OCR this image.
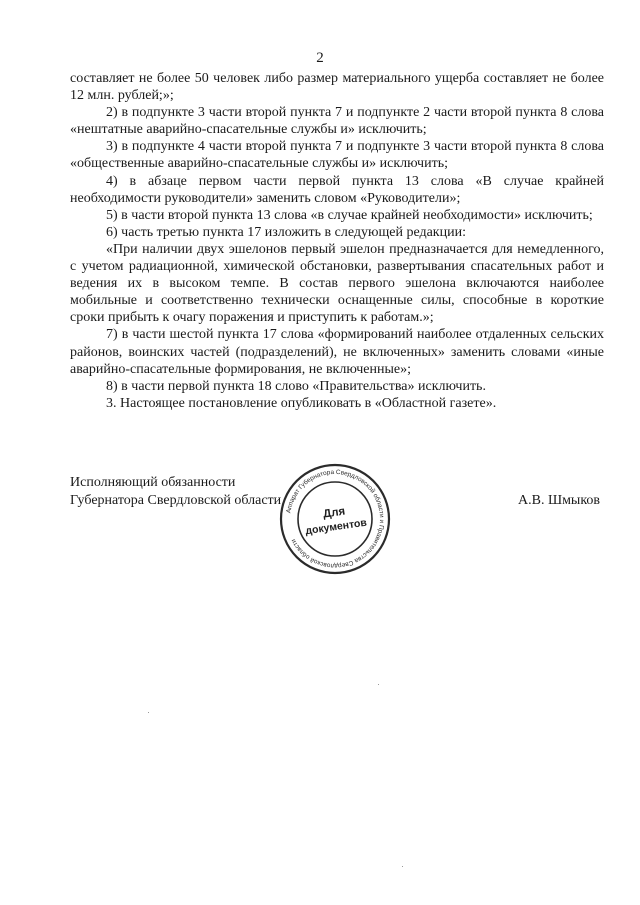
2

составляет не более 50 человек либо размер материального ущерба составляет не более 12 млн. рублей;»;

2) в подпункте 3 части второй пункта 7 и подпункте 2 части второй пункта 8 слова «нештатные аварийно-спасательные службы и» исключить;

3) в подпункте 4 части второй пункта 7 и подпункте 3 части второй пункта 8 слова «общественные аварийно-спасательные службы и» исключить;

4) в абзаце первом части первой пункта 13 слова «В случае крайней необходимости руководители» заменить словом «Руководители»;

5) в части второй пункта 13 слова «в случае крайней необходимости» исключить;

6) часть третью пункта 17 изложить в следующей редакции:

«При наличии двух эшелонов первый эшелон предназначается для немедленного, с учетом радиационной, химической обстановки, развертывания спасательных работ и ведения их в высоком темпе. В состав первого эшелона включаются наиболее мобильные и соответственно технически оснащенные силы, способные в короткие сроки прибыть к очагу поражения и приступить к работам.»;

7) в части шестой пункта 17 слова «формирований наиболее отдаленных сельских районов, воинских частей (подразделений), не включенных» заменить словами «иные аварийно-спасательные формирования, не включенные»;

8) в части первой пункта 18 слово «Правительства» исключить.

3. Настоящее постановление опубликовать в «Областной газете».

Исполняющий обязанности
Губернатора Свердловской области	А.В. Шмыков
Аппарат Губернатора Свердловской области и Правительства Свердловской области
Для
документов
